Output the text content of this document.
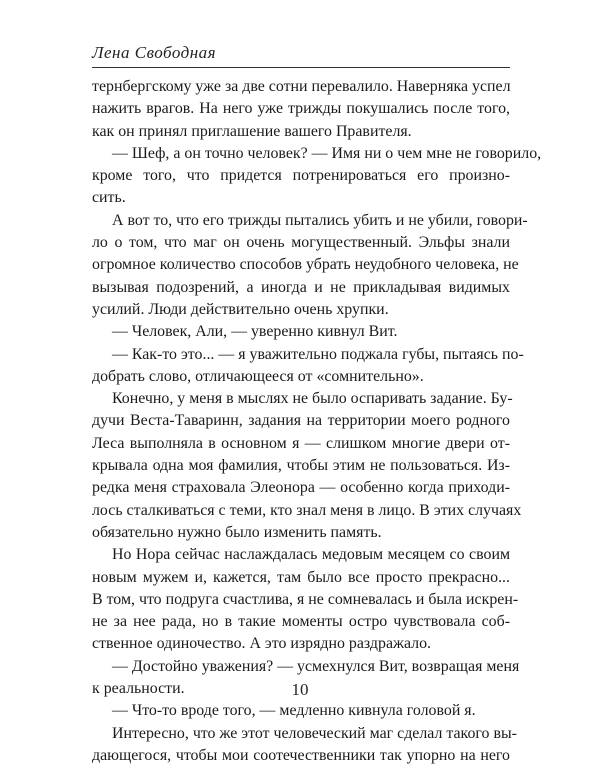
Лена Свободная
тернбергскому уже за две сотни перевалило. Наверняка успел
нажить врагов. На него уже трижды покушались после того,
как он принял приглашение вашего Правителя.
— Шеф, а он точно человек? — Имя ни о чем мне не говорило,
кроме того, что придется потренироваться его произно-
сить.
А вот то, что его трижды пытались убить и не убили, говори-
ло о том, что маг он очень могущественный. Эльфы знали
огромное количество способов убрать неудобного человека, не
вызывая подозрений, а иногда и не прикладывая видимых
усилий. Люди действительно очень хрупки.
— Человек, Али, — уверенно кивнул Вит.
— Как-то это... — я уважительно поджала губы, пытаясь по-
добрать слово, отличающееся от «сомнительно».
Конечно, у меня в мыслях не было оспаривать задание. Бу-
дучи Веста-Таваринн, задания на территории моего родного
Леса выполняла в основном я — слишком многие двери от-
крывала одна моя фамилия, чтобы этим не пользоваться. Из-
редка меня страховала Элеонора — особенно когда приходи-
лось сталкиваться с теми, кто знал меня в лицо. В этих случаях
обязательно нужно было изменить память.
Но Нора сейчас наслаждалась медовым месяцем со своим
новым мужем и, кажется, там было все просто прекрасно...
В том, что подруга счастлива, я не сомневалась и была искрен-
не за нее рада, но в такие моменты остро чувствовала соб-
ственное одиночество. А это изрядно раздражало.
— Достойно уважения? — усмехнулся Вит, возвращая меня
к реальности.
— Что-то вроде того, — медленно кивнула головой я.
Интересно, что же этот человеческий маг сделал такого вы-
дающегося, чтобы мои соотечественники так упорно на него
10
